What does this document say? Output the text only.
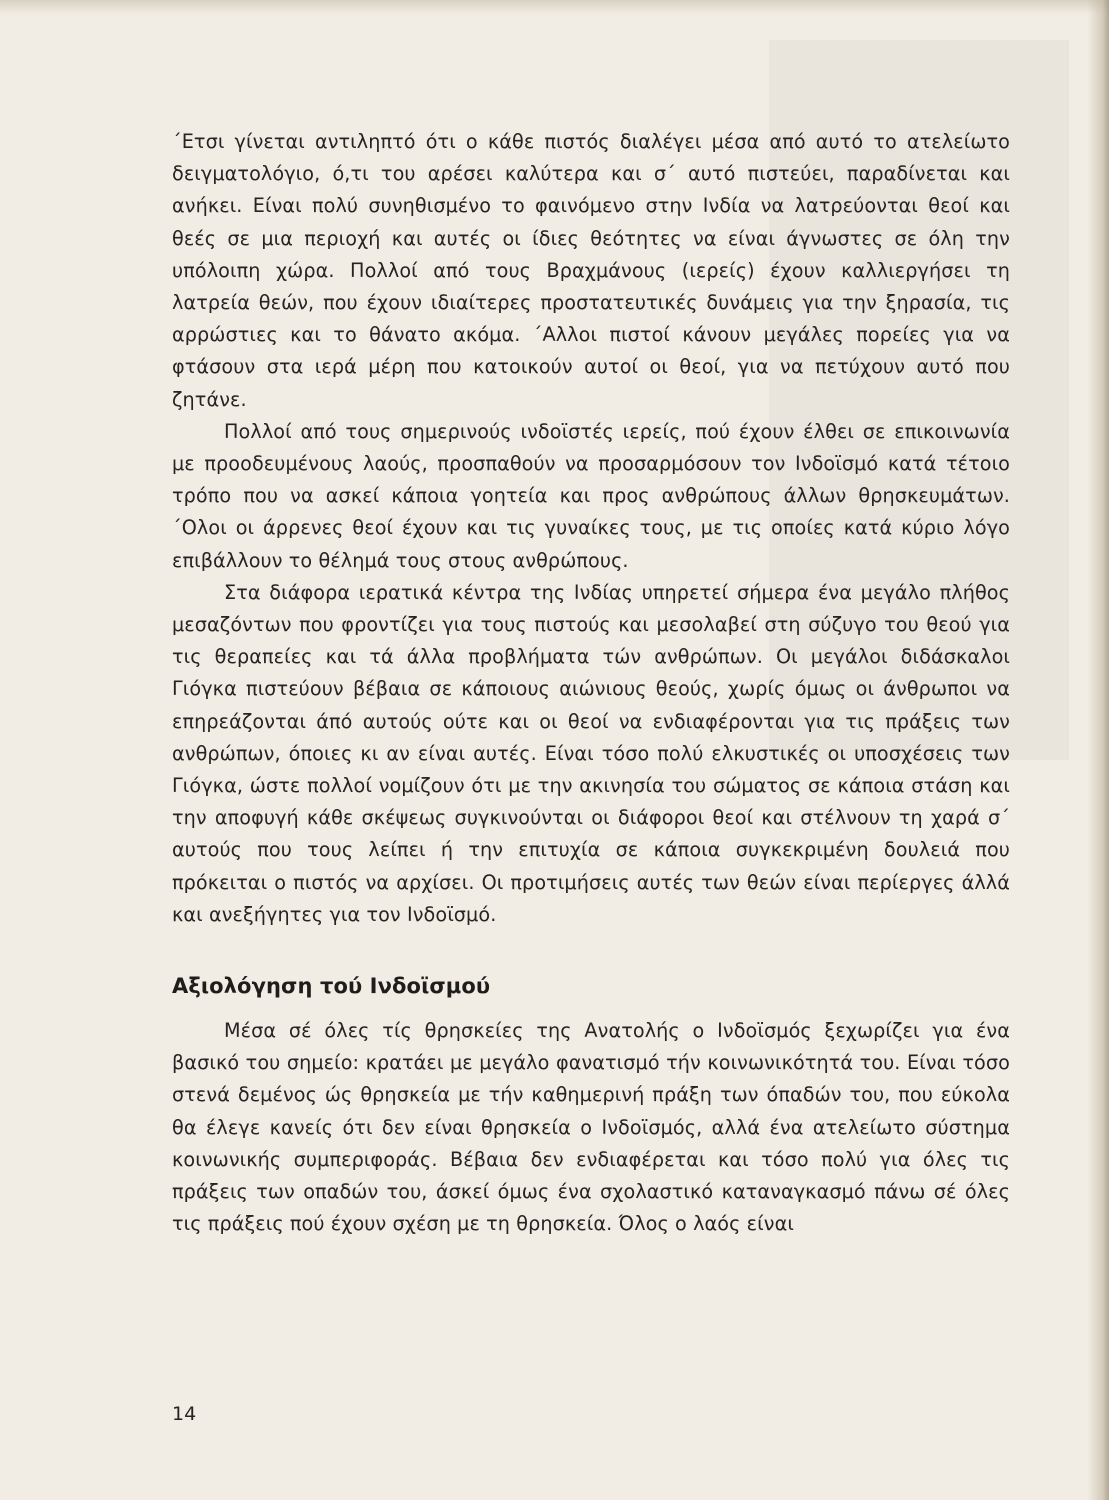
΄Ετσι γίνεται αντιληπτό ότι ο κάθε πιστός διαλέγει μέσα από αυτό το ατελείωτο δειγματολόγιο, ό,τι του αρέσει καλύτερα και σ΄ αυτό πιστεύει, παραδίνεται και ανήκει. Είναι πολύ συνηθισμένο το φαινόμενο στην Ινδία να λατρεύονται θεοί και θεές σε μια περιοχή και αυτές οι ίδιες θεότητες να είναι άγνωστες σε όλη την υπόλοιπη χώρα. Πολλοί από τους Βραχμάνους (ιερείς) έχουν καλλιεργήσει τη λατρεία θεών, που έχουν ιδιαίτερες προστατευτικές δυνάμεις για την ξηρασία, τις αρρώστιες και το θάνατο ακόμα. ΄Αλλοι πιστοί κάνουν μεγάλες πορείες για να φτάσουν στα ιερά μέρη που κατοικούν αυτοί οι θεοί, για να πετύχουν αυτό που ζητάνε.

Πολλοί από τους σημερινούς ινδοϊστές ιερείς, πού έχουν έλθει σε επικοινωνία με προοδευμένους λαούς, προσπαθούν να προσαρμόσουν τον Ινδοϊσμό κατά τέτοιο τρόπο που να ασκεί κάποια γοητεία και προς ανθρώπους άλλων θρησκευμάτων. ΄Ολοι οι άρρενες θεοί έχουν και τις γυναίκες τους, με τις οποίες κατά κύριο λόγο επιβάλλουν το θέλημά τους στους ανθρώπους.

Στα διάφορα ιερατικά κέντρα της Ινδίας υπηρετεί σήμερα ένα μεγάλο πλήθος μεσαζόντων που φροντίζει για τους πιστούς και μεσολαβεί στη σύζυγο του θεού για τις θεραπείες και τά άλλα προβλήματα τών ανθρώπων. Οι μεγάλοι διδάσκαλοι Γιόγκα πιστεύουν βέβαια σε κάποιους αιώνιους θεούς, χωρίς όμως οι άνθρωποι να επηρεάζονται άπό αυτούς ούτε και οι θεοί να ενδιαφέρονται για τις πράξεις των ανθρώπων, όποιες κι αν είναι αυτές. Είναι τόσο πολύ ελκυστικές οι υποσχέσεις των Γιόγκα, ώστε πολλοί νομίζουν ότι με την ακινησία του σώματος σε κάποια στάση και την αποφυγή κάθε σκέψεως συγκινούνται οι διάφοροι θεοί και στέλνουν τη χαρά σ΄ αυτούς που τους λείπει ή την επιτυχία σε κάποια συγκεκριμένη δουλειά που πρόκειται ο πιστός να αρχίσει. Οι προτιμήσεις αυτές των θεών είναι περίεργες άλλά και ανεξήγητες για τον Ινδοϊσμό.

Αξιολόγηση τού Ινδοϊσμού

Μέσα σέ όλες τίς θρησκείες της Ανατολής ο Ινδοϊσμός ξεχωρίζει για ένα βασικό του σημείο: κρατάει με μεγάλο φανατισμό τήν κοινωνικότητά του. Είναι τόσο στενά δεμένος ώς θρησκεία με τήν καθημερινή πράξη των όπαδών του, που εύκολα θα έλεγε κανείς ότι δεν είναι θρησκεία ο Ινδοϊσμός, αλλά ένα ατελείωτο σύστημα κοινωνικής συμπεριφοράς. Βέβαια δεν ενδιαφέρεται και τόσο πολύ για όλες τις πράξεις των οπαδών του, άσκεί όμως ένα σχολαστικό καταναγκασμό πάνω σέ όλες τις πράξεις πού έχουν σχέση με τη θρησκεία. Όλος ο λαός είναι

14
